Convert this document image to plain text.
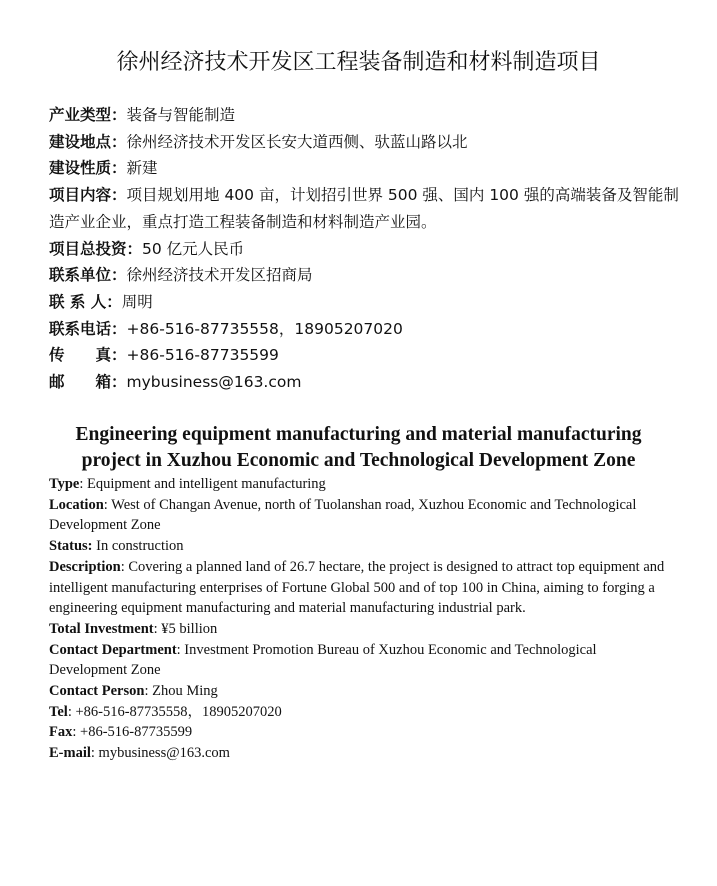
徐州经济技术开发区工程装备制造和材料制造项目
产业类型：装备与智能制造
建设地点：徐州经济技术开发区长安大道西侧、驮蓝山路以北
建设性质：新建
项目内容：项目规划用地 400 亩，计划招引世界 500 强、国内 100 强的高端装备及智能制造产业企业，重点打造工程装备制造和材料制造产业园。
项目总投资：50 亿元人民币
联系单位：徐州经济技术开发区招商局
联 系 人：周明
联系电话：+86-516-87735558，18905207020
传　　真：+86-516-87735599
邮　　箱：mybusiness@163.com
Engineering equipment manufacturing and material manufacturing
project in Xuzhou Economic and Technological Development Zone

Type: Equipment and intelligent manufacturing

Location: West of Changan Avenue, north of Tuolanshan road, Xuzhou Economic and Technological Development Zone

Status: In construction

Description: Covering a planned land of 26.7 hectare, the project is designed to attract top equipment and intelligent manufacturing enterprises of Fortune Global 500 and of top 100 in China, aiming to forging a engineering equipment manufacturing and material manufacturing industrial park.

Total Investment: ¥5 billion

Contact Department: Investment Promotion Bureau of Xuzhou Economic and Technological Development Zone

Contact Person: Zhou Ming

Tel: +86-516-87735558，18905207020

Fax: +86-516-87735599

E-mail: mybusiness@163.com
